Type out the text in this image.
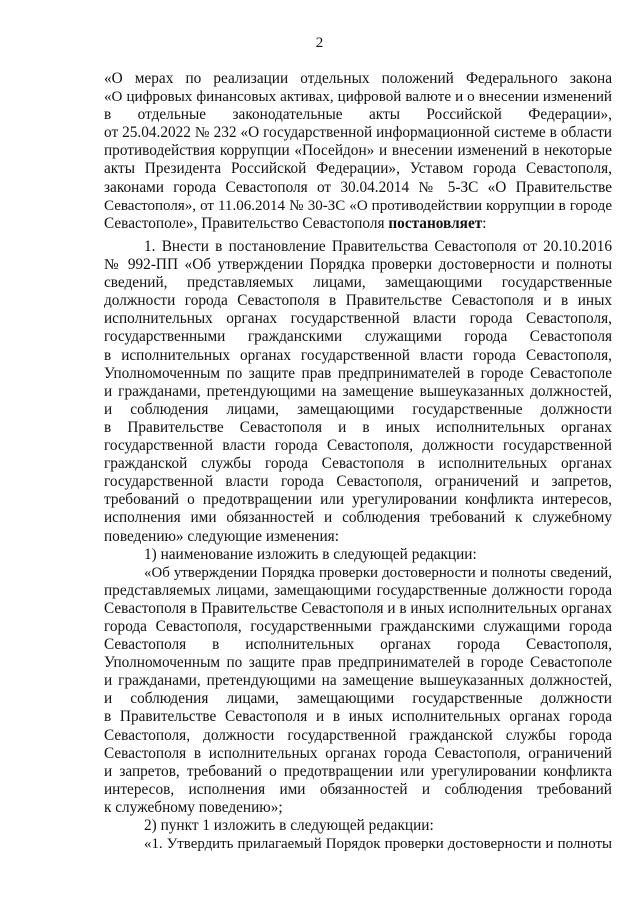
2
«О мерах по реализации отдельных положений Федерального закона
«О цифровых финансовых активах, цифровой валюте и о внесении изменений
в отдельные законодательные акты Российской Федерации»,
от 25.04.2022 № 232 «О государственной информационной системе в области
противодействия коррупции «Посейдон» и внесении изменений в некоторые
акты Президента Российской Федерации», Уставом города Севастополя,
законами города Севастополя от 30.04.2014 № 5-ЗС «О Правительстве
Севастополя», от 11.06.2014 № 30-ЗС «О противодействии коррупции в городе
Севастополе», Правительство Севастополя постановляет:
1. Внести в постановление Правительства Севастополя от 20.10.2016
№ 992-ПП «Об утверждении Порядка проверки достоверности и полноты
сведений, представляемых лицами, замещающими государственные
должности города Севастополя в Правительстве Севастополя и в иных
исполнительных органах государственной власти города Севастополя,
государственными гражданскими служащими города Севастополя
в исполнительных органах государственной власти города Севастополя,
Уполномоченным по защите прав предпринимателей в городе Севастополе
и гражданами, претендующими на замещение вышеуказанных должностей,
и соблюдения лицами, замещающими государственные должности
в Правительстве Севастополя и в иных исполнительных органах
государственной власти города Севастополя, должности государственной
гражданской службы города Севастополя в исполнительных органах
государственной власти города Севастополя, ограничений и запретов,
требований о предотвращении или урегулировании конфликта интересов,
исполнения ими обязанностей и соблюдения требований к служебному
поведению» следующие изменения:
1) наименование изложить в следующей редакции:
«Об утверждении Порядка проверки достоверности и полноты сведений,
представляемых лицами, замещающими государственные должности города
Севастополя в Правительстве Севастополя и в иных исполнительных органах
города Севастополя, государственными гражданскими служащими города
Севастополя в исполнительных органах города Севастополя,
Уполномоченным по защите прав предпринимателей в городе Севастополе
и гражданами, претендующими на замещение вышеуказанных должностей,
и соблюдения лицами, замещающими государственные должности
в Правительстве Севастополя и в иных исполнительных органах города
Севастополя, должности государственной гражданской службы города
Севастополя в исполнительных органах города Севастополя, ограничений
и запретов, требований о предотвращении или урегулировании конфликта
интересов, исполнения ими обязанностей и соблюдения требований
к служебному поведению»;
2) пункт 1 изложить в следующей редакции:
«1. Утвердить прилагаемый Порядок проверки достоверности и полноты
